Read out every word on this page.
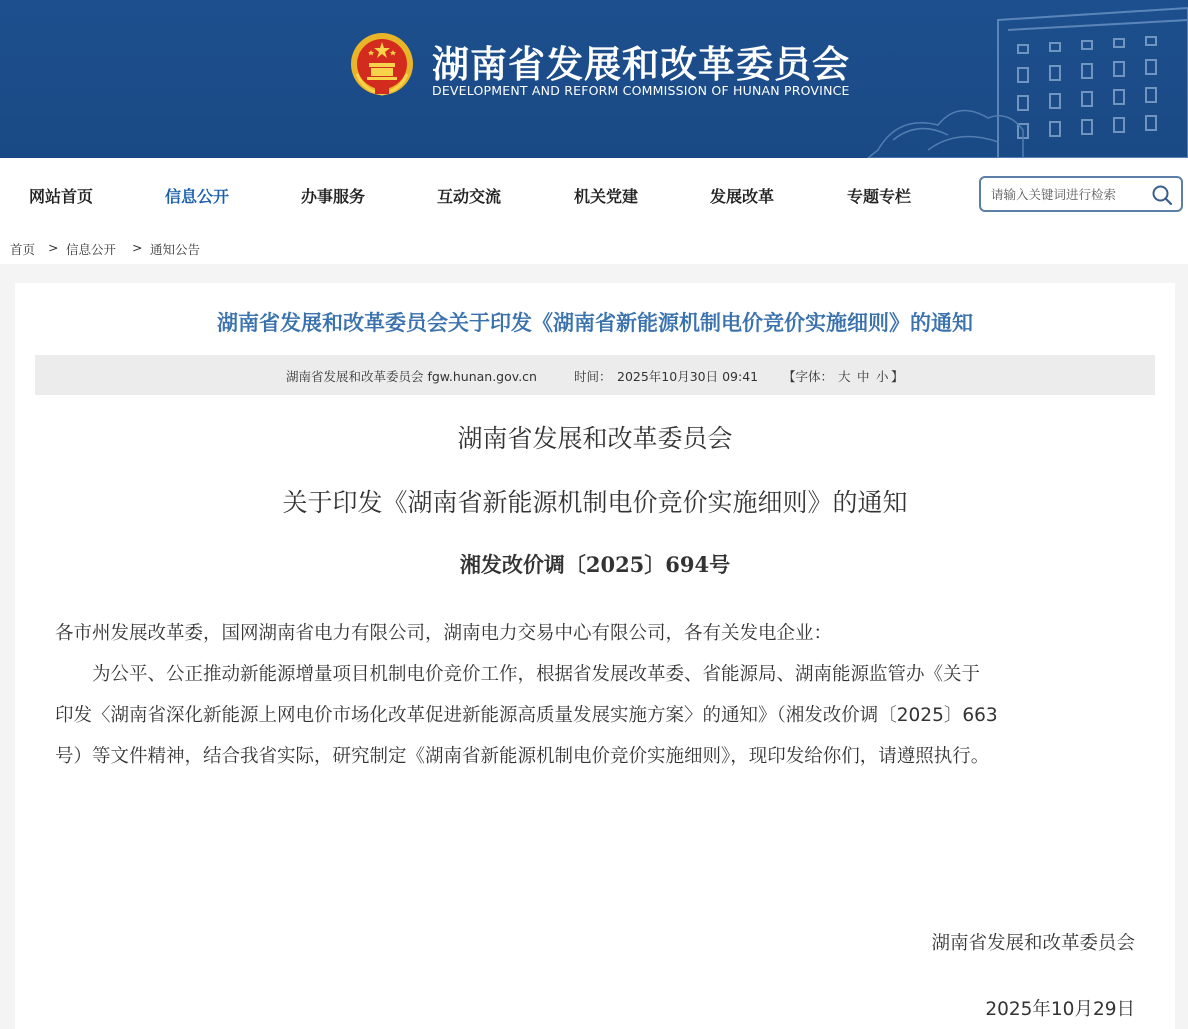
湖南省发展和改革委员会
DEVELOPMENT AND REFORM COMMISSION OF HUNAN PROVINCE
网站首页	信息公开	办事服务	互动交流	机关党建	发展改革	专题专栏
请输入关键词进行检索
首页 > 信息公开 > 通知公告
湖南省发展和改革委员会关于印发《湖南省新能源机制电价竞价实施细则》的通知
湖南省发展和改革委员会 fgw.hunan.gov.cn	时间： 2025年10月30日 09:41 【字体： 大 中 小 】
湖南省发展和改革委员会
关于印发《湖南省新能源机制电价竞价实施细则》的通知
湘发改价调〔2025〕694号
各市州发展改革委，国网湖南省电力有限公司，湖南电力交易中心有限公司，各有关发电企业：
　　为公平、公正推动新能源增量项目机制电价竞价工作，根据省发展改革委、省能源局、湖南能源监管办《关于
印发〈湖南省深化新能源上网电价市场化改革促进新能源高质量发展实施方案〉的通知》（湘发改价调〔2025〕663
号）等文件精神，结合我省实际，研究制定《湖南省新能源机制电价竞价实施细则》，现印发给你们，请遵照执行。
湖南省发展和改革委员会
2025年10月29日
